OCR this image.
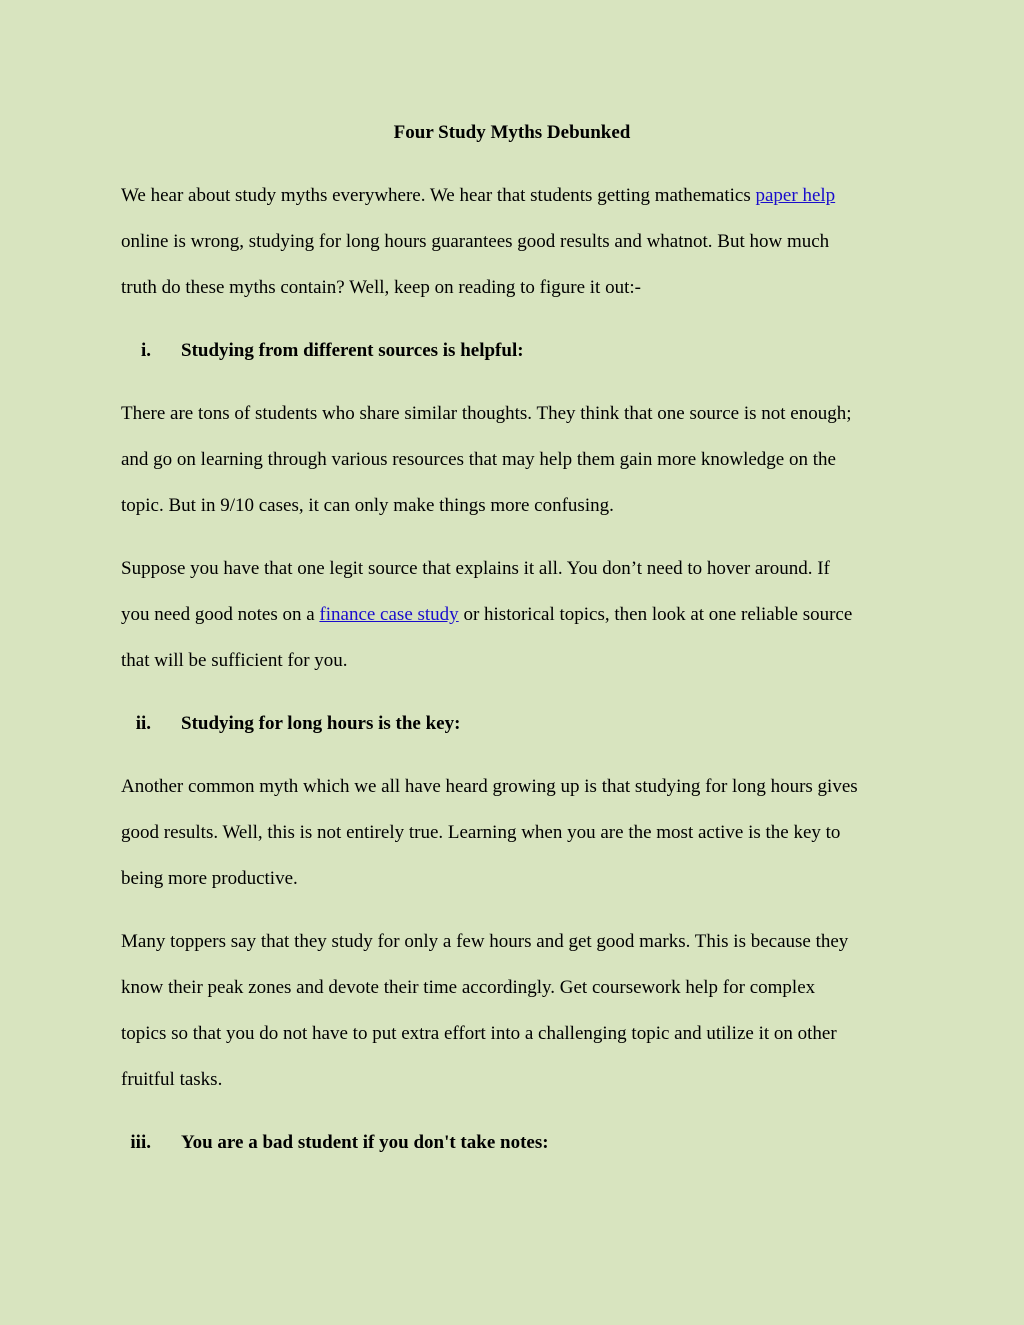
Four Study Myths Debunked
We hear about study myths everywhere. We hear that students getting mathematics paper help
online is wrong, studying for long hours guarantees good results and whatnot. But how much
truth do these myths contain? Well, keep on reading to figure it out:-
i. Studying from different sources is helpful:
There are tons of students who share similar thoughts. They think that one source is not enough;
and go on learning through various resources that may help them gain more knowledge on the
topic. But in 9/10 cases, it can only make things more confusing.
Suppose you have that one legit source that explains it all. You don’t need to hover around. If
you need good notes on a finance case study or historical topics, then look at one reliable source
that will be sufficient for you.
ii. Studying for long hours is the key:
Another common myth which we all have heard growing up is that studying for long hours gives
good results. Well, this is not entirely true. Learning when you are the most active is the key to
being more productive.
Many toppers say that they study for only a few hours and get good marks. This is because they
know their peak zones and devote their time accordingly. Get coursework help for complex
topics so that you do not have to put extra effort into a challenging topic and utilize it on other
fruitful tasks.
iii. You are a bad student if you don't take notes:
